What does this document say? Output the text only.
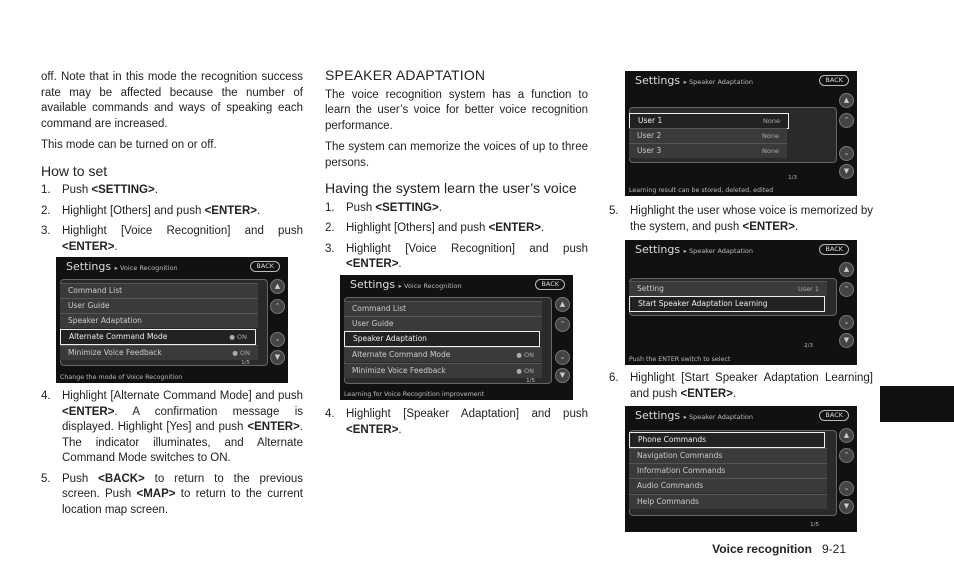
off. Note that in this mode the recognition success rate may be affected because the number of available commands and ways of speaking each command are increased.

This mode can be turned on or off.

How to set
1. Push <SETTING>.
2. Highlight [Others] and push <ENTER>.
3. Highlight [Voice Recognition] and push <ENTER>.
4. Highlight [Alternate Command Mode] and push <ENTER>. A confirmation message is displayed. Highlight [Yes] and push <ENTER>. The indicator illuminates, and Alternate Command Mode switches to ON.
5. Push <BACK> to return to the previous screen. Push <MAP> to return to the current location map screen.
Settings ▸ Voice Recognition	BACK
Command List
User Guide
Speaker Adaptation
Alternate Command Mode	● ON
Minimize Voice Feedback	● ON
▲
⌃
⌄
▼
1/5
Change the mode of Voice Recognition
SPEAKER ADAPTATION

The voice recognition system has a function to learn the user’s voice for better voice recognition performance.

The system can memorize the voices of up to three persons.

Having the system learn the user’s voice
1. Push <SETTING>.
2. Highlight [Others] and push <ENTER>.
3. Highlight [Voice Recognition] and push <ENTER>.
4. Highlight [Speaker Adaptation] and push <ENTER>.
Settings ▸ Voice Recognition	BACK
Command List
User Guide
Speaker Adaptation
Alternate Command Mode	● ON
Minimize Voice Feedback	● ON
▲
⌃
⌄
▼
1/5
Learning for Voice Recognition improvement
Settings ▸ Speaker Adaptation	BACK
User 1	None
User 2	None
User 3	None
▲
⌃
⌄
▼
1/3
Learning result can be stored, deleted, edited
5. Highlight the user whose voice is memorized by the system, and push <ENTER>.
Settings ▸ Speaker Adaptation	BACK
Setting	User 1
Start Speaker Adaptation Learning
▲
⌃
⌄
▼
2/3
Push the ENTER switch to select
6. Highlight [Start Speaker Adaptation Learning] and push <ENTER>.
Settings ▸ Speaker Adaptation	BACK
Phone Commands
Navigation Commands
Information Commands
Audio Commands
Help Commands
▲
⌃
⌄
▼
1/5
Voice recognition 9-21
